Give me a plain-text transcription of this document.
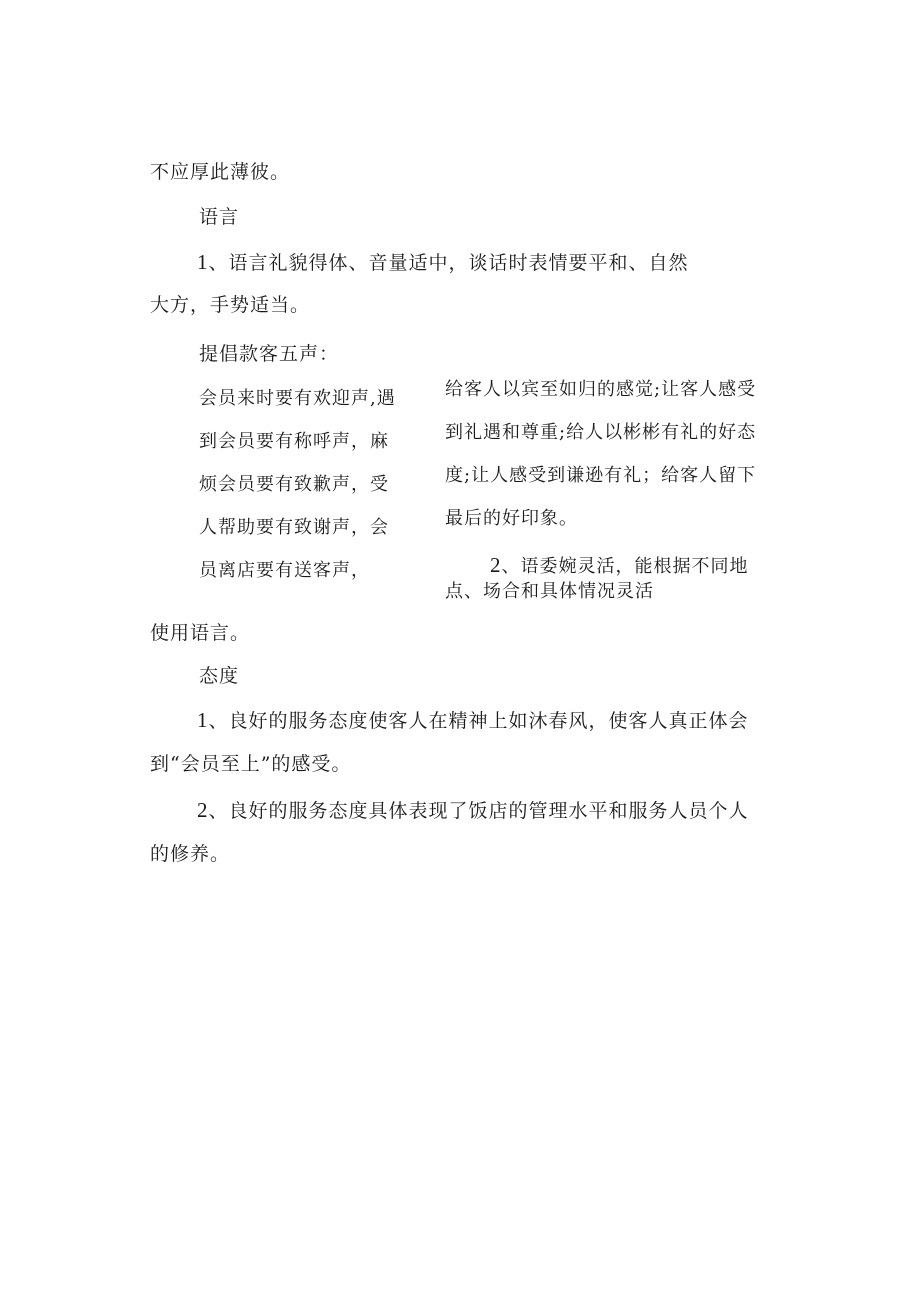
不应厚此薄彼。
语言
1、语言礼貌得体、音量适中，谈话时表情要平和、自然
大方，手势适当。
提倡款客五声：
会员来时要有欢迎声,遇
到会员要有称呼声，麻
烦会员要有致歉声，受
人帮助要有致谢声，会
员离店要有送客声，
给客人以宾至如归的感觉;让客人感受
到礼遇和尊重;给人以彬彬有礼的好态
度;让人感受到谦逊有礼；给客人留下
最后的好印象。
2、语委婉灵活，能根据不同地
点、场合和具体情况灵活
使用语言。
态度
1、良好的服务态度使客人在精神上如沐春风，使客人真正体会
到“会员至上”的感受。
2、良好的服务态度具体表现了饭店的管理水平和服务人员个人
的修养。
